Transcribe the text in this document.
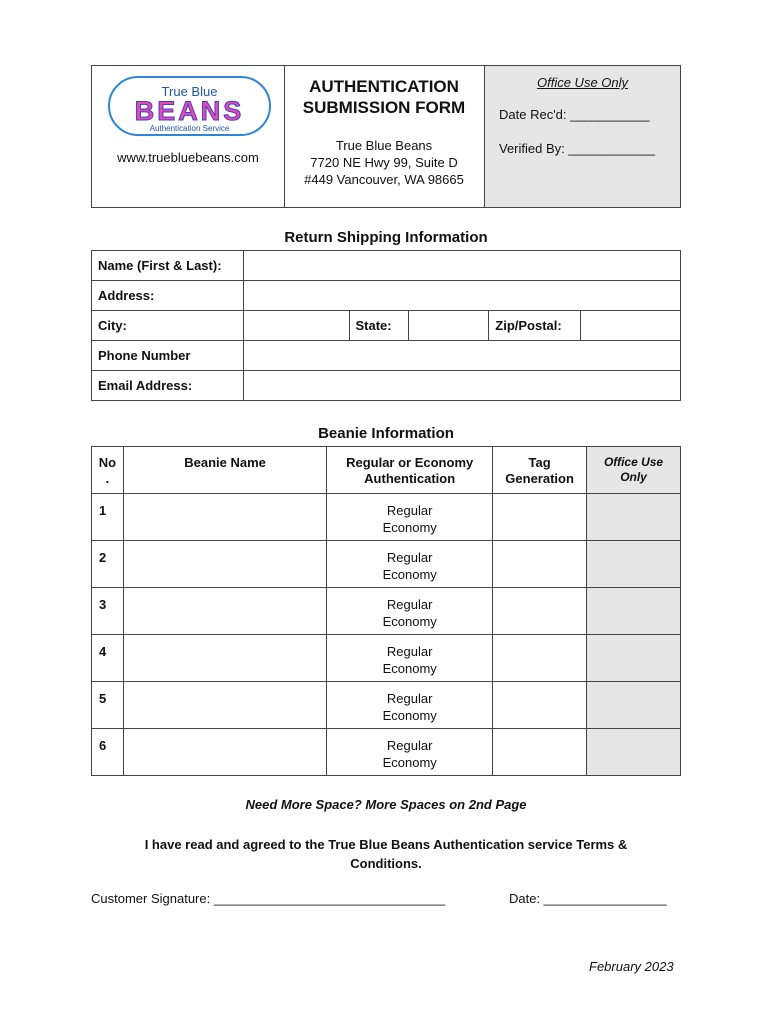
True Blue
BEANS
Authentication Service
www.truebluebeans.com
AUTHENTICATION
SUBMISSION FORM
True Blue Beans
7720 NE Hwy 99, Suite D
#449 Vancouver, WA 98665
Office Use Only
Date Rec'd: ___________
Verified By: ____________
Return Shipping Information
Name (First & Last):					
Address:					
City:		State:		Zip/Postal:	
Phone Number					
Email Address:					
Beanie Information
No .	Beanie Name	Regular or Economy Authentication	Tag Generation	Office Use Only

1		Regular
Economy		

2		Regular
Economy		

3		Regular
Economy		

4		Regular
Economy		

5		Regular
Economy		

6		Regular
Economy		

Need More Space? More Spaces on 2nd Page
I have read and agreed to the True Blue Beans Authentication service Terms &
Conditions.
Customer Signature: ________________________________	Date: _________________
February 2023
